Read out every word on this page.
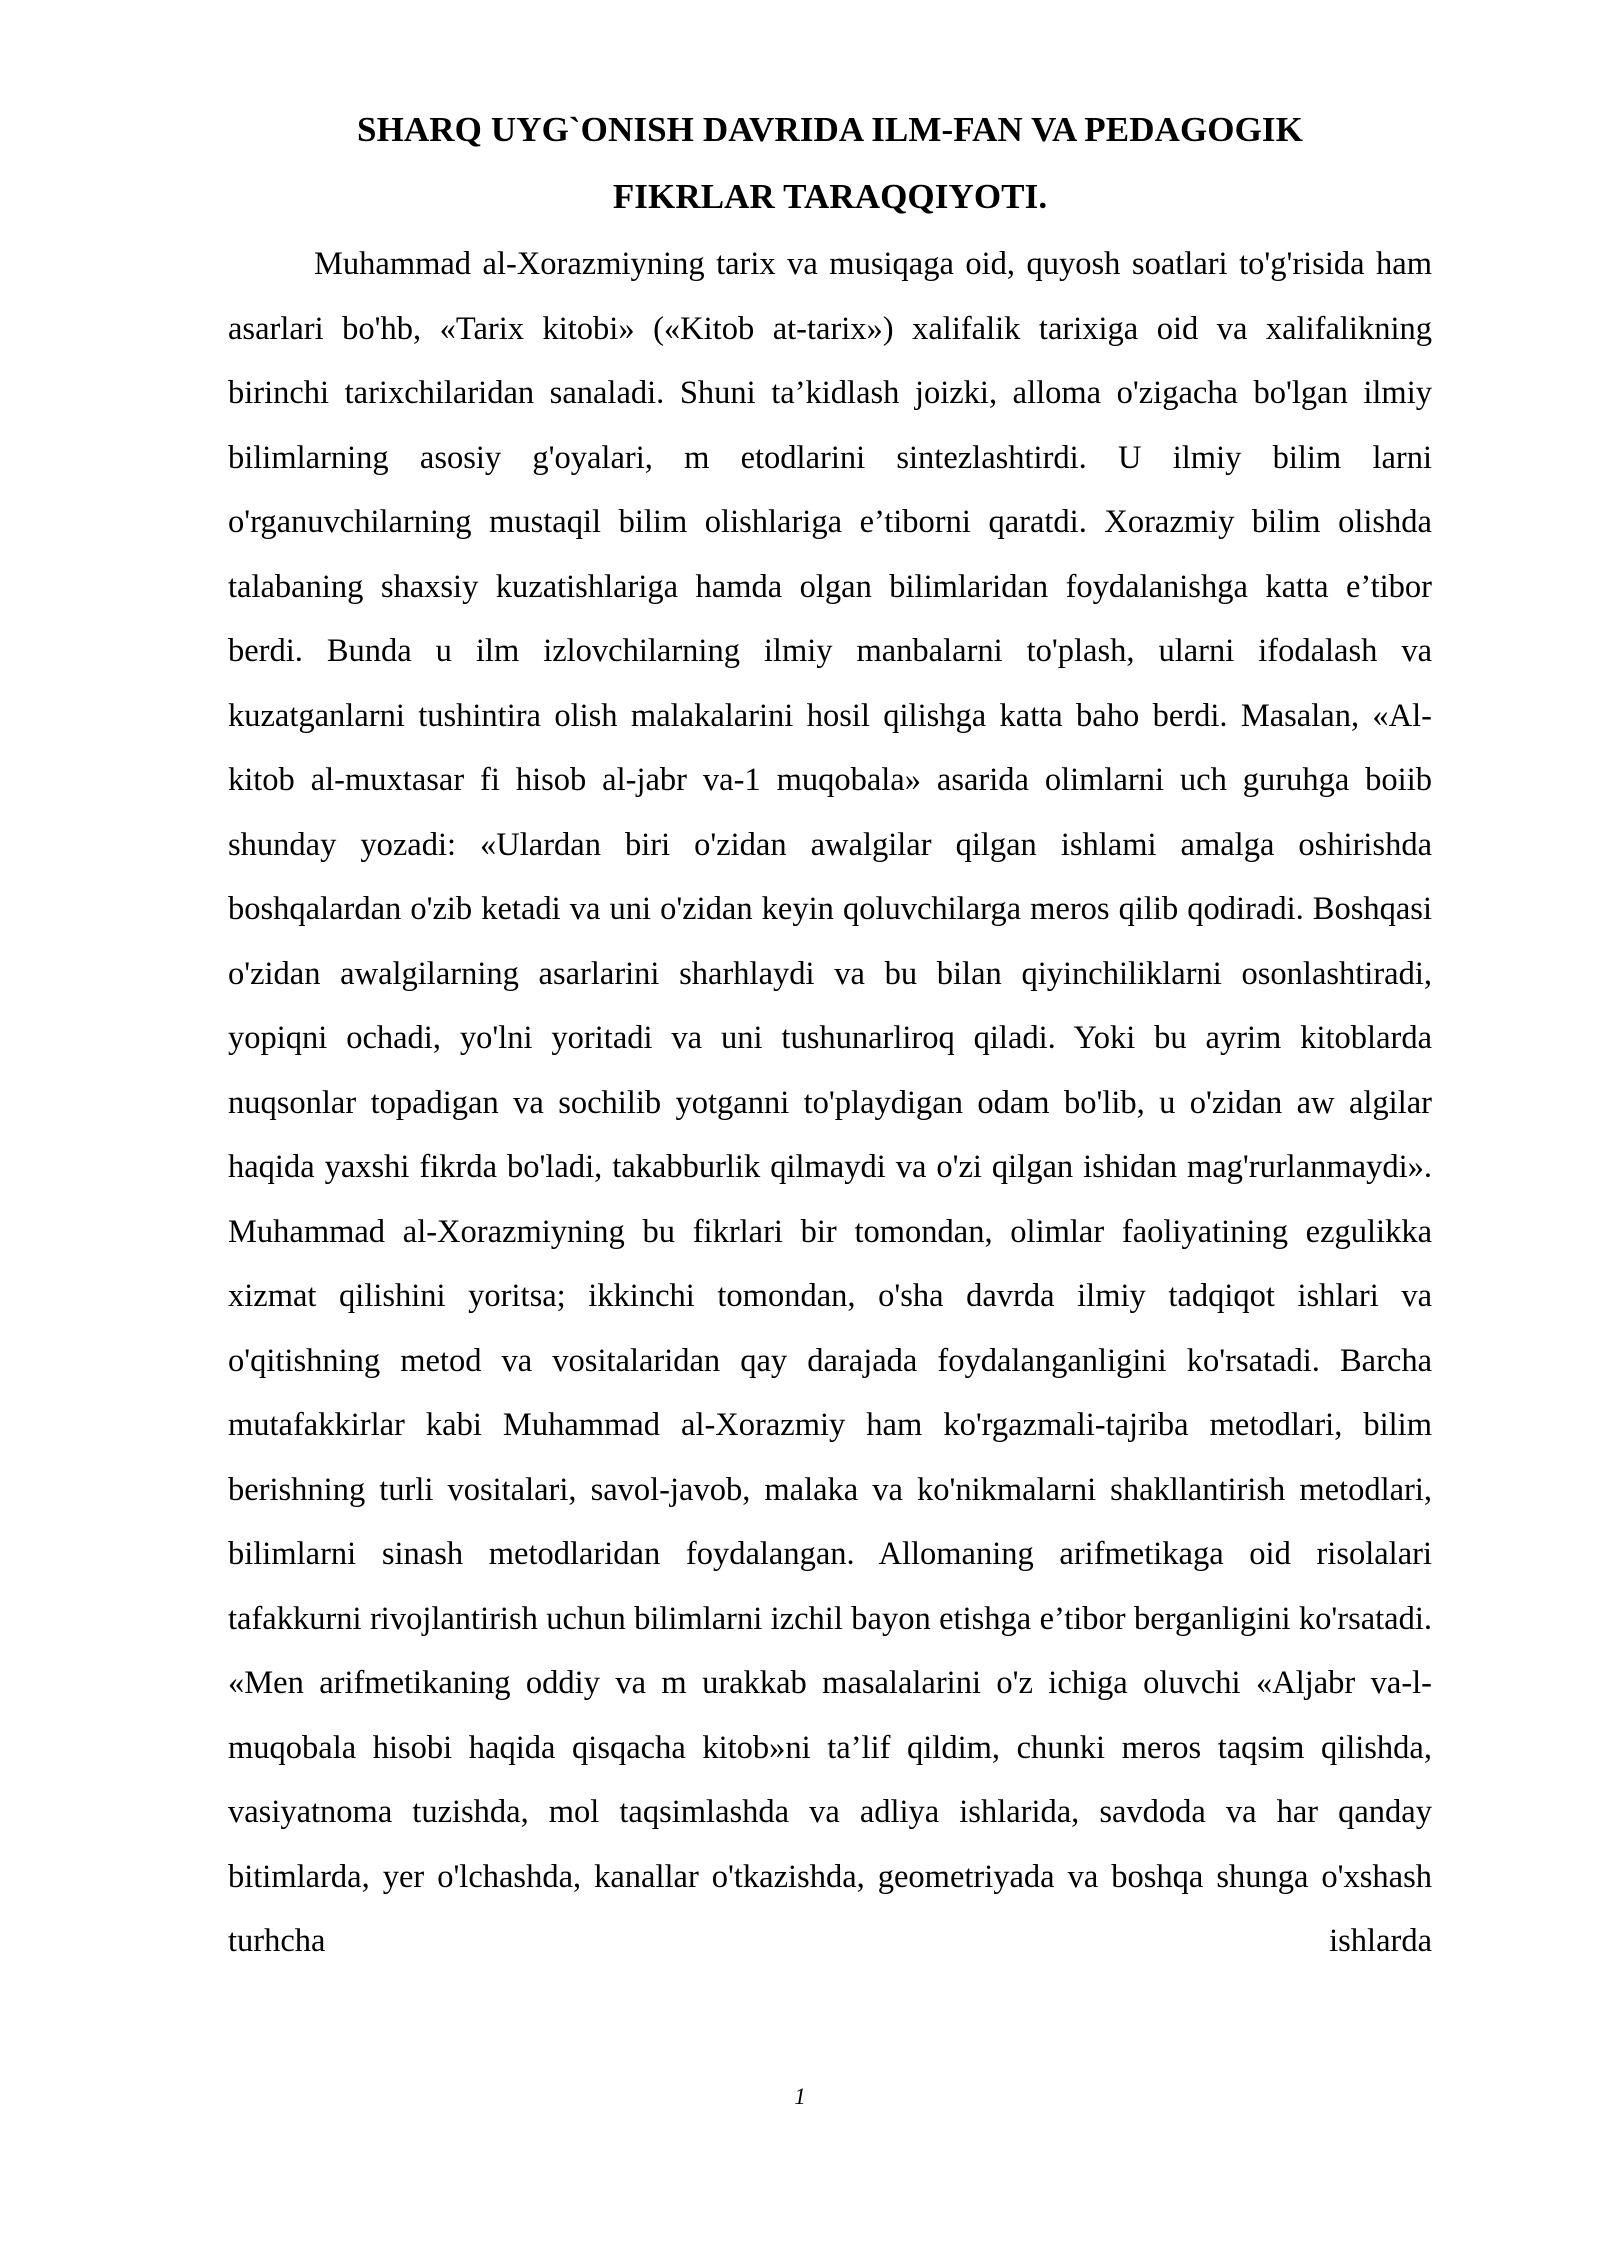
SHARQ UYG`ONISH DAVRIDA ILM-FAN VA PEDAGOGIK
FIKRLAR TARAQQIYOTI.
Muhammad al-Xorazmiyning tarix va musiqaga oid, quyosh soatlari to'g'risida ham asarlari bo'hb, «Tarix kitobi» («Kitob at-tarix») xalifalik tarixiga oid va xalifalikning birinchi tarixchilaridan sanaladi. Shuni ta’kidlash joizki, alloma o'zigacha bo'lgan ilmiy bilimlarning asosiy g'oyalari, m etodlarini sintezlashtirdi. U ilmiy bilim larni o'rganuvchilarning mustaqil bilim olishlariga e’tiborni qaratdi. Xorazmiy bilim olishda talabaning shaxsiy kuzatishlariga hamda olgan bilimlaridan foydalanishga katta e’tibor berdi. Bunda u ilm izlovchilarning ilmiy manbalarni to'plash, ularni ifodalash va kuzatganlarni tushintira olish malakalarini hosil qilishga katta baho berdi. Masalan, «Al-kitob al-muxtasar fi hisob al-jabr va-1 muqobala» asarida olimlarni uch guruhga boiib shunday yozadi: «Ulardan biri o'zidan awalgilar qilgan ishlami amalga oshirishda boshqalardan o'zib ketadi va uni o'zidan keyin qoluvchilarga meros qilib qodiradi. Boshqasi o'zidan awalgilarning asarlarini sharhlaydi va bu bilan qiyinchiliklarni osonlashtiradi, yopiqni ochadi, yo'lni yoritadi va uni tushunarliroq qiladi. Yoki bu ayrim kitoblarda nuqsonlar topadigan va sochilib yotganni to'playdigan odam bo'lib, u o'zidan aw algilar haqida yaxshi fikrda bo'ladi, takabburlik qilmaydi va o'zi qilgan ishidan mag'rurlanmaydi». Muhammad al-Xorazmiyning bu fikrlari bir tomondan, olimlar faoliyatining ezgulikka xizmat qilishini yoritsa; ikkinchi tomondan, o'sha davrda ilmiy tadqiqot ishlari va o'qitishning metod va vositalaridan qay darajada foydalanganligini ko'rsatadi. Barcha mutafakkirlar kabi Muhammad al-Xorazmiy ham ko'rgazmali-tajriba metodlari, bilim berishning turli vositalari, savol-javob, malaka va ko'nikmalarni shakllantirish metodlari, bilimlarni sinash metodlaridan foydalangan. Allomaning arifmetikaga oid risolalari tafakkurni rivojlantirish uchun bilimlarni izchil bayon etishga e’tibor berganligini ko'rsatadi. «Men arifmetikaning oddiy va m urakkab masalalarini o'z ichiga oluvchi «Aljabr va-l-muqobala hisobi haqida qisqacha kitob»ni ta’lif qildim, chunki meros taqsim qilishda, vasiyatnoma tuzishda, mol taqsimlashda va adliya ishlarida, savdoda va har qanday bitimlarda, yer o'lchashda, kanallar o'tkazishda, geometriyada va boshqa shunga o'xshash turhcha ishlarda
1
